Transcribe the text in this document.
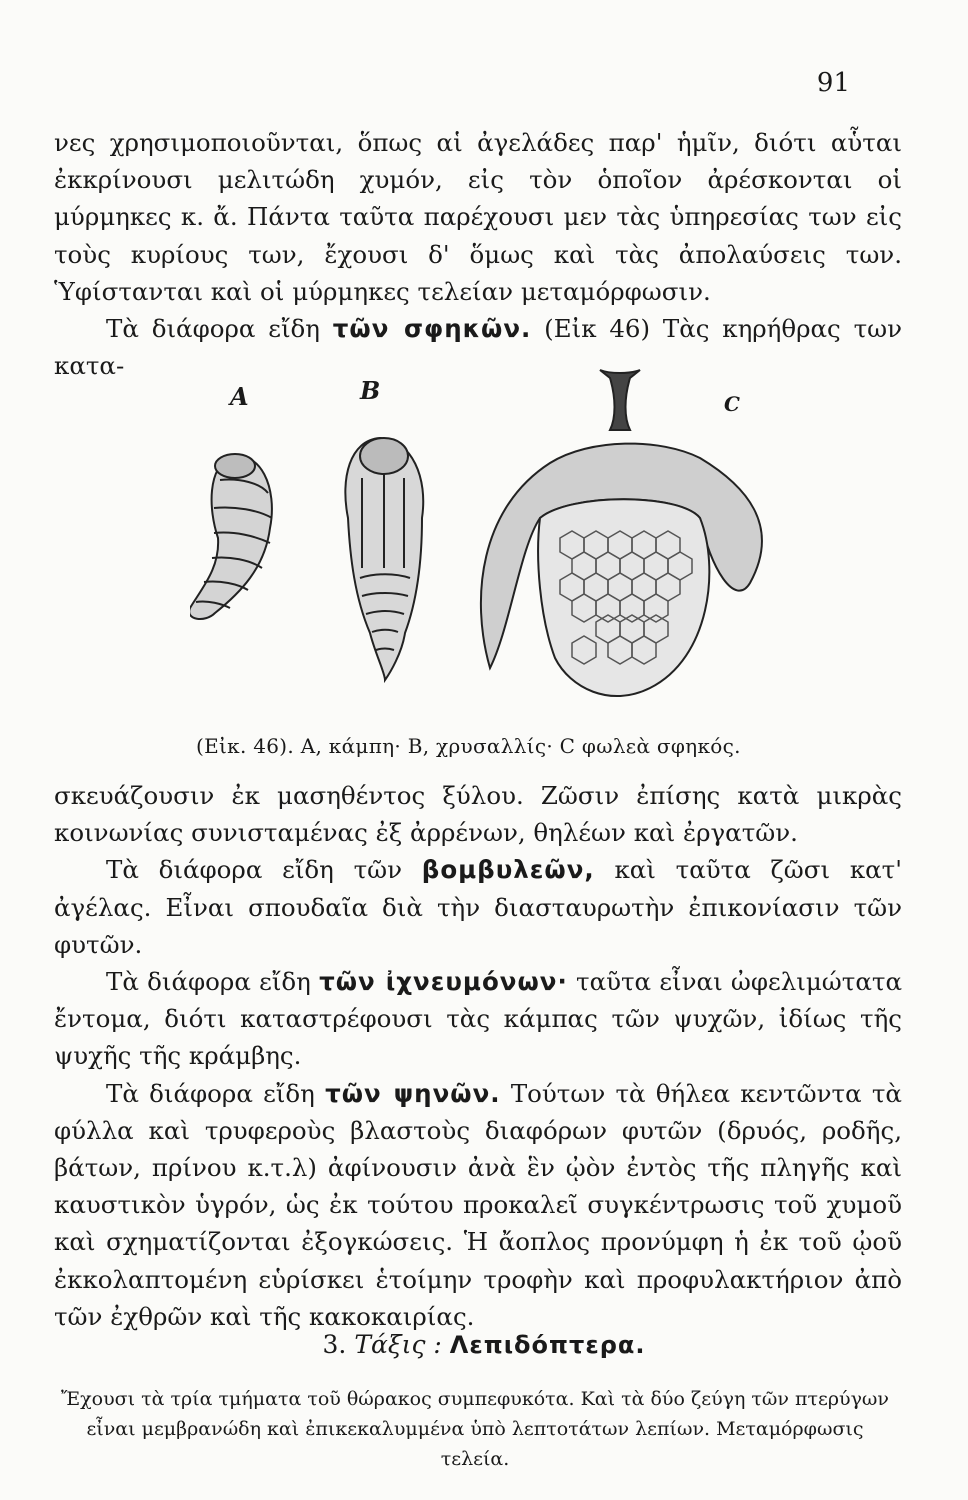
91

νες χρησιμοποιοῦνται, ὅπως αἱ ἀγελάδες παρ' ἡμῖν, διότι αὗται ἐκκρίνουσι μελιτώδη χυμόν, εἰς τὸν ὁποῖον ἀρέσκονται οἱ μύρμηκες κ. ἄ. Πάντα ταῦτα παρέχουσι μεν τὰς ὑπηρεσίας των εἰς τοὺς κυρίους των, ἔχουσι δ' ὅμως καὶ τὰς ἀπολαύσεις των. Ὑφίστανται καὶ οἱ μύρμηκες τελείαν μεταμόρφωσιν.
Τὰ διάφορα εἴδη τῶν σφηκῶν. (Εἰκ 46) Τὰς κηρήθρας των κατα-

A	B	C
(Εἰκ. 46). A, κάμπη· B, χρυσαλλίς· C φωλεὰ σφηκός.
σκευάζουσιν ἐκ μασηθέντος ξύλου. Ζῶσιν ἐπίσης κατὰ μικρὰς κοινωνίας συνισταμένας ἐξ ἀρρένων, θηλέων καὶ ἐργατῶν.
Τὰ διάφορα εἴδη τῶν βομβυλεῶν, καὶ ταῦτα ζῶσι κατ' ἀγέλας. Εἶναι σπουδαῖα διὰ τὴν διασταυρωτὴν ἐπικονίασιν τῶν φυτῶν.
Τὰ διάφορα εἴδη τῶν ἰχνευμόνων· ταῦτα εἶναι ὠφελιμώτατα ἔντομα, διότι καταστρέφουσι τὰς κάμπας τῶν ψυχῶν, ἰδίως τῆς ψυχῆς τῆς κράμβης.
Τὰ διάφορα εἴδη τῶν ψηνῶν. Τούτων τὰ θήλεα κεντῶντα τὰ φύλλα καὶ τρυφεροὺς βλαστοὺς διαφόρων φυτῶν (δρυός, ροδῆς, βάτων, πρίνου κ.τ.λ) ἀφίνουσιν ἀνὰ ἓν ᾠὸν ἐντὸς τῆς πληγῆς καὶ καυστικὸν ὑγρόν, ὡς ἐκ τούτου προκαλεῖ συγκέντρωσις τοῦ χυμοῦ καὶ σχηματίζονται ἐξογκώσεις. Ἡ ἄοπλος προνύμφη ἡ ἐκ τοῦ ᾠοῦ ἐκκολαπτομένη εὑρίσκει ἑτοίμην τροφὴν καὶ προφυλακτήριον ἀπὸ τῶν ἐχθρῶν καὶ τῆς κακοκαιρίας.
3. Τάξις : Λεπιδόπτερα.

Ἔχουσι τὰ τρία τμήματα τοῦ θώρακος συμπεφυκότα. Καὶ τὰ δύο ζεύγη τῶν πτερύγων εἶναι μεμβρανώδη καὶ ἐπικεκαλυμμένα ὑπὸ λεπτοτάτων λεπίων. Μεταμόρφωσις τελεία.
